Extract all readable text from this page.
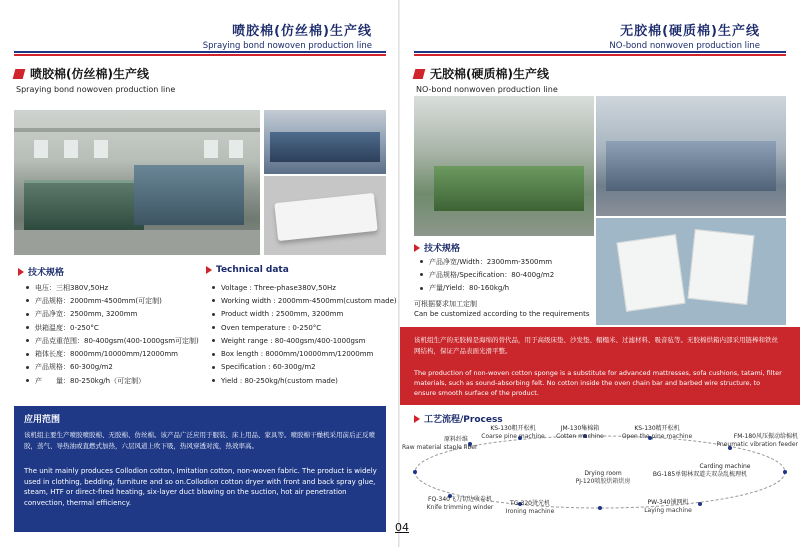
喷胶棉(仿丝棉)生产线
Spraying bond nowoven production line
喷胶棉(仿丝棉)生产线
Spraying bond nowoven production line
技术规格
电压：三相380V,50Hz
产品规格：2000mm-4500mm(可定制)
产品净宽：2500mm, 3200mm
烘箱温度：0-250°C
产品克重范围：80-400gsm(400-1000gsm可定制)
箱体长度：8000mm/10000mm/12000mm
产品规格：60-300g/m2
产　　量：80-250kg/h（可定制）
Technical data
Voltage : Three-phase380V,50Hz
Working width : 2000mm-4500mm(custom made)
Product width : 2500mm, 3200mm
Oven temperature : 0-250°C
Weight range : 80-400gsm/400-1000gsm
Box length : 8000mm/10000mm/12000mm
Specification : 60-300g/m2
Yield : 80-250kg/h(custom made)
应用范围
该机组主要生产喷胶喷胶棉、无胶棉、仿丝棉。该产品广泛应用于服装、床上用品、家具等。喷胶棉干燥机采用前后正反喷胶，蒸气、导热油或直燃式加热，六层风道上吹下吸，热风穿透对流，热效率高。
The unit mainly produces Collodion cotton, Imitation cotton, non-woven fabric. The product is widely used in clothing, bedding, furniture and so on.Collodion cotton dryer with front and back spray glue, steam, HTF or direct-fired heating, six-layer duct blowing on the suction, hot air penetration convection, thermal efficiency.
无胶棉(硬质棉)生产线
NO-bond nonwoven production line
无胶棉(硬质棉)生产线
NO-bond nonwoven production line
技术规格
产品净宽/Width：2300mm-3500mm
产品规格/Specification：80-400g/m2
产量/Yield：80-160kg/h
可根据要求加工定制
Can be customized according to the requirements
该机组生产的无胶棉是海绵的替代品，用于高级床垫、沙发垫、榻榻米、过滤材料、吸音毡等。无胶棉烘箱内部采用链棒和铁丝网结构，保证产品表面光滑平整。
The production of non-woven cotton sponge is a substitute for advanced mattresses, sofa cushions, tatami, filter materials, such as sound-absorbing felt. No cotton inside the oven chain bar and barbed wire structure, to ensure smooth surface of the product.
工艺流程/Process
原料纤维
Raw material staple fiber
KS-130粗开松机
Coarse pine machine
JM-130集棉箱
Cotton machine
KS-130精开松机
Open the pine machine	FM-180风压振动给棉机
Pneumatic vibration feeder
Carding machine
BG-185单锡林双道夫双杂乱梳理机
Drying room
PJ-120喷胶烘箱烘房
PW-340铺网机
Laying machine
TG-320烫光机
Ironing machine
FQ-340飞刀切边收卷机
Knife trimming winder
04
